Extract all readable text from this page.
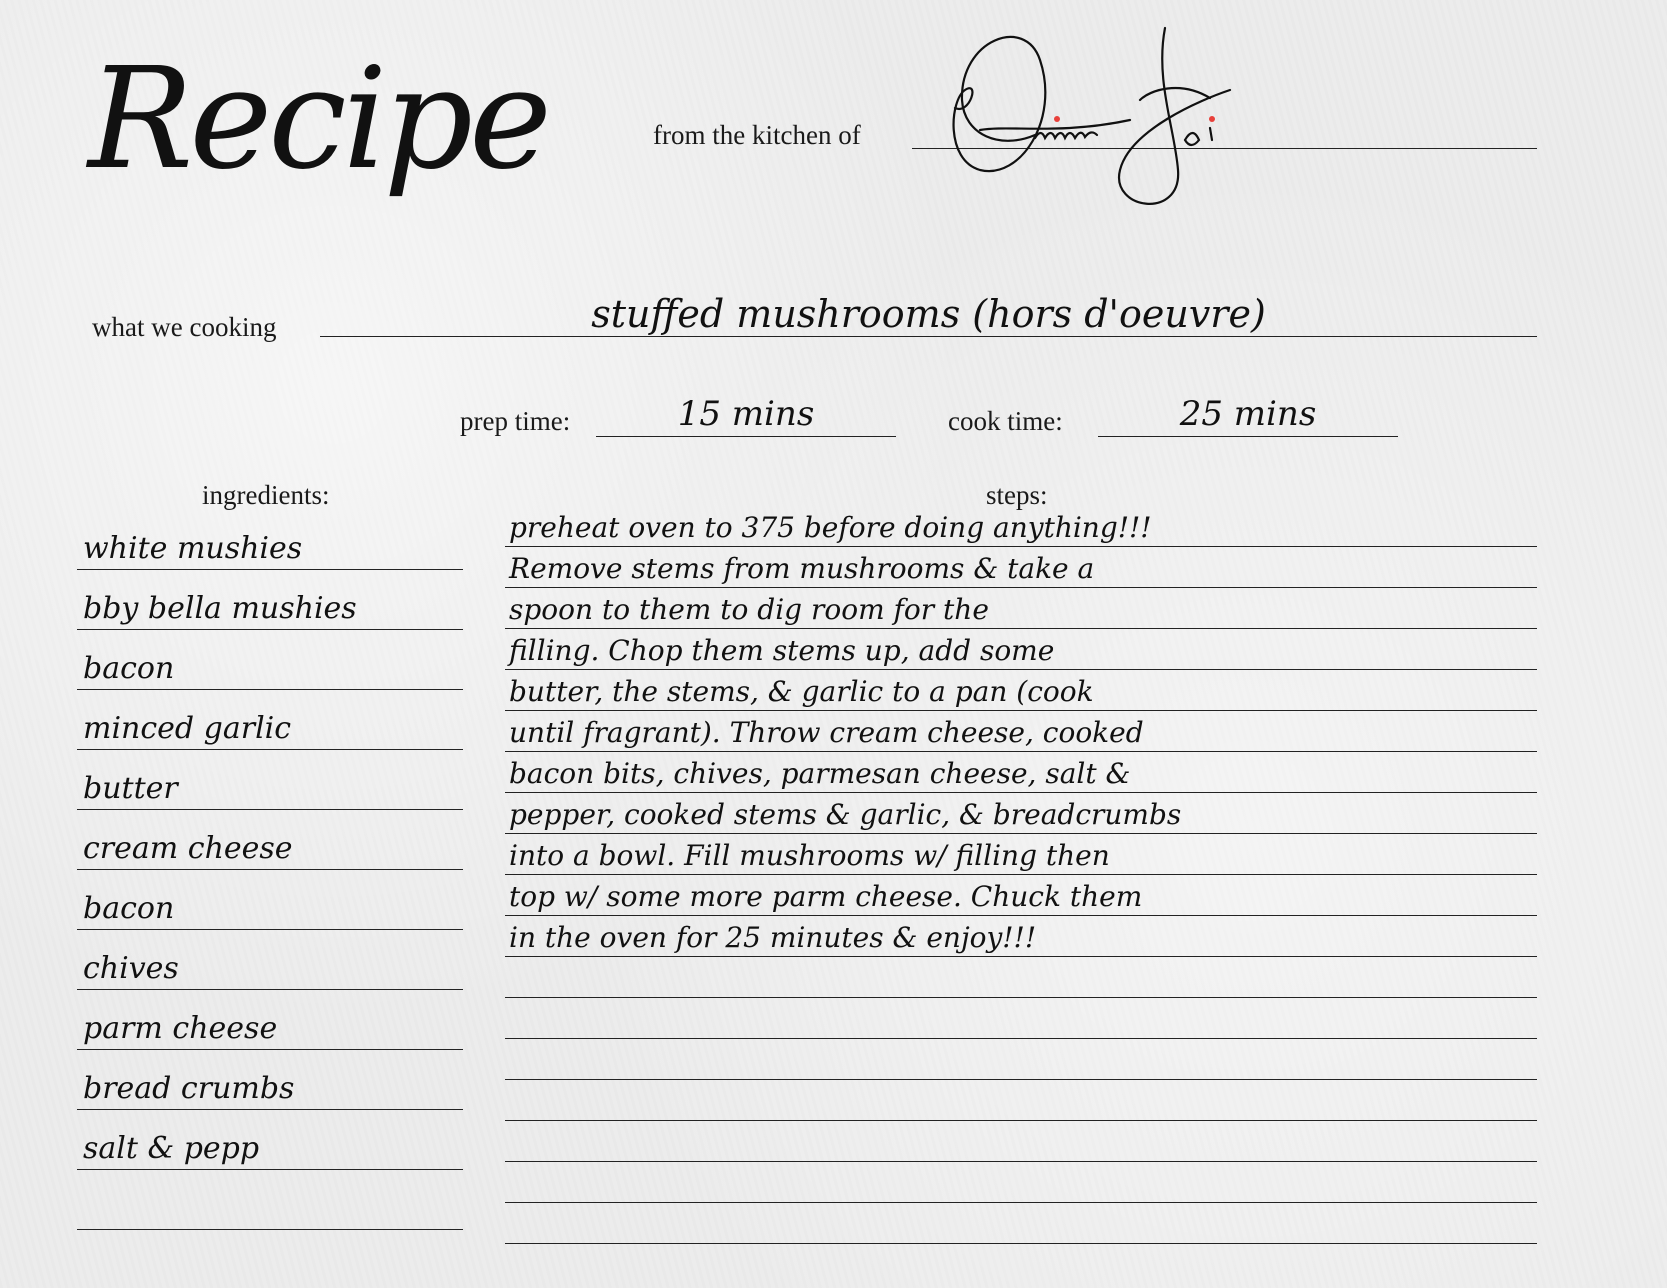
Recipe	from the kitchen of
what we cooking	stuffed mushrooms (hors d'oeuvre)
prep time:	15 mins	cook time:	25 mins
ingredients:	steps:
white mushies
bby bella mushies
bacon
minced garlic
butter
cream cheese
bacon
chives
parm cheese
bread crumbs
salt & pepp
preheat oven to 375 before doing anything!!!
Remove stems from mushrooms & take a
spoon to them to dig room for the
filling. Chop them stems up, add some
butter, the stems, & garlic to a pan (cook
until fragrant). Throw cream cheese, cooked
bacon bits, chives, parmesan cheese, salt &
pepper, cooked stems & garlic, & breadcrumbs
into a bowl. Fill mushrooms w/ filling then
top w/ some more parm cheese. Chuck them
in the oven for 25 minutes & enjoy!!!
